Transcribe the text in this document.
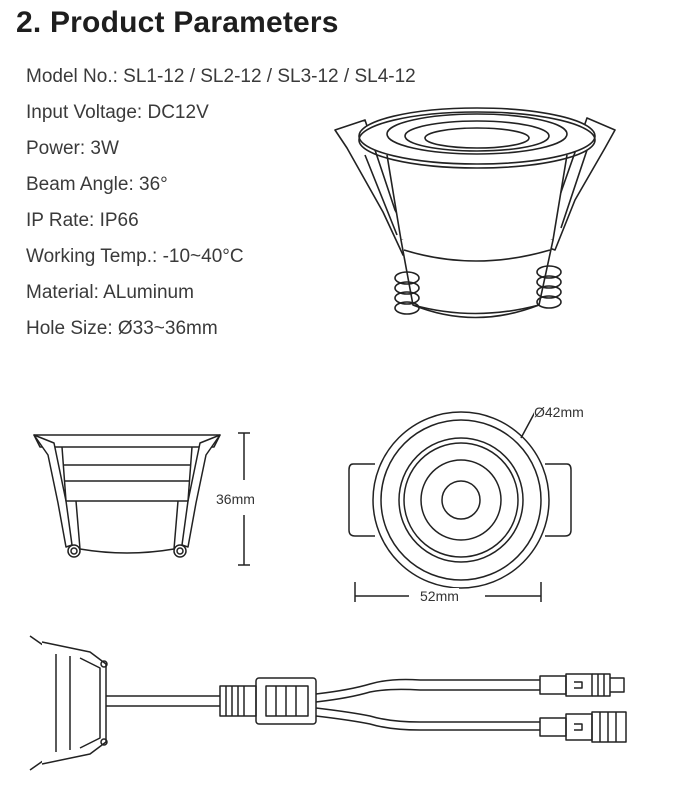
2. Product Parameters
Model No.: SL1-12 / SL2-12 / SL3-12 / SL4-12
Input Voltage: DC12V
Power: 3W
Beam Angle: 36°
IP Rate: IP66
Working Temp.: -10~40°C
Material: ALuminum
Hole Size: Ø33~36mm
36mm
Ø42mm
52mm
